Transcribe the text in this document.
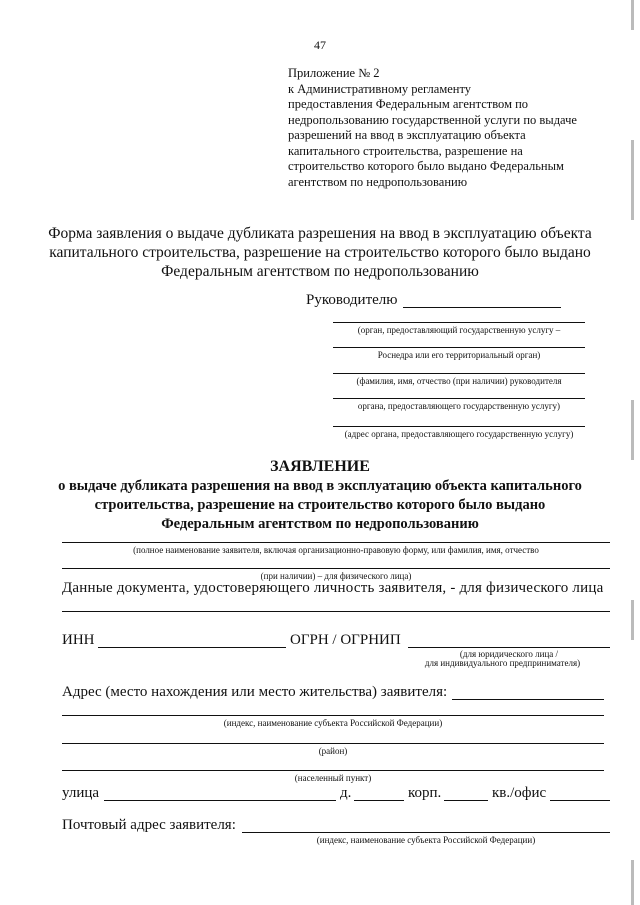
47
Приложение № 2
к Административному регламенту
предоставления Федеральным агентством по
недропользованию государственной услуги по выдаче
разрешений на ввод в эксплуатацию объекта
капитального строительства, разрешение на
строительство которого было выдано Федеральным
агентством по недропользованию
Форма заявления о выдаче дубликата разрешения на ввод в эксплуатацию объекта
капитального строительства, разрешение на строительство которого было выдано
Федеральным агентством по недропользованию
Руководителю
(орган, предоставляющий государственную услугу –
Роснедра или его территориальный орган)
(фамилия, имя, отчество (при наличии) руководителя
органа, предоставляющего государственную услугу)
(адрес органа, предоставляющего государственную услугу)
ЗАЯВЛЕНИЕ
о выдаче дубликата разрешения на ввод в эксплуатацию объекта капитального
строительства, разрешение на строительство которого было выдано
Федеральным агентством по недропользованию
(полное наименование заявителя, включая организационно-правовую форму, или фамилия, имя, отчество
(при наличии) – для физического лица)
Данные документа, удостоверяющего личность заявителя, - для физического лица
ИНН	ОГРН / ОГРНИП
(для юридического лица /
для индивидуального предпринимателя)
Адрес (место нахождения или место жительства) заявителя:
(индекс, наименование субъекта Российской Федерации)
(район)
(населенный пункт)
улица	д.	корп.	кв./офис
Почтовый адрес заявителя:
(индекс, наименование субъекта Российской Федерации)
